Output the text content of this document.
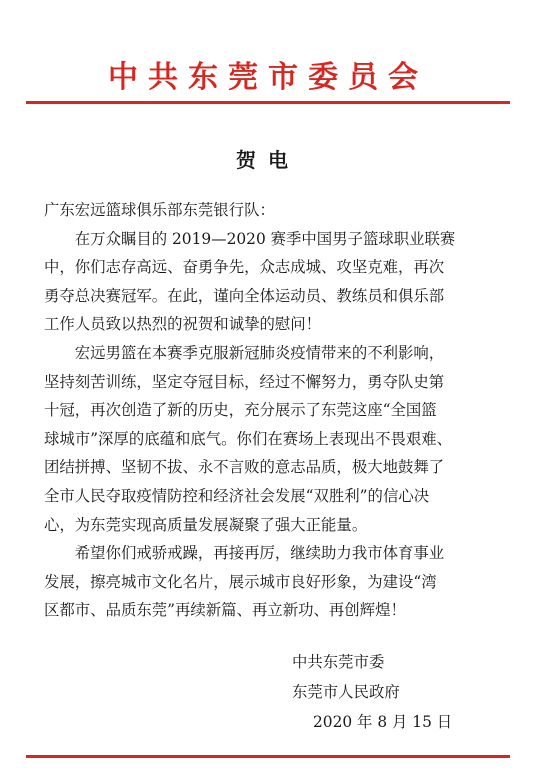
中共东莞市委员会
贺电
广东宏远篮球俱乐部东莞银行队：
　　在万众瞩目的 2019—2020 赛季中国男子篮球职业联赛
中，你们志存高远、奋勇争先，众志成城、攻坚克难，再次
勇夺总决赛冠军。在此，谨向全体运动员、教练员和俱乐部
工作人员致以热烈的祝贺和诚挚的慰问！
　　宏远男篮在本赛季克服新冠肺炎疫情带来的不利影响，
坚持刻苦训练，坚定夺冠目标，经过不懈努力，勇夺队史第
十冠，再次创造了新的历史，充分展示了东莞这座“全国篮
球城市”深厚的底蕴和底气。你们在赛场上表现出不畏艰难、
团结拼搏、坚韧不拔、永不言败的意志品质，极大地鼓舞了
全市人民夺取疫情防控和经济社会发展“双胜利”的信心决
心，为东莞实现高质量发展凝聚了强大正能量。
　　希望你们戒骄戒躁，再接再厉，继续助力我市体育事业
发展，擦亮城市文化名片，展示城市良好形象，为建设“湾
区都市、品质东莞”再续新篇、再立新功、再创辉煌！
中共东莞市委
东莞市人民政府
2020 年 8 月 15 日
